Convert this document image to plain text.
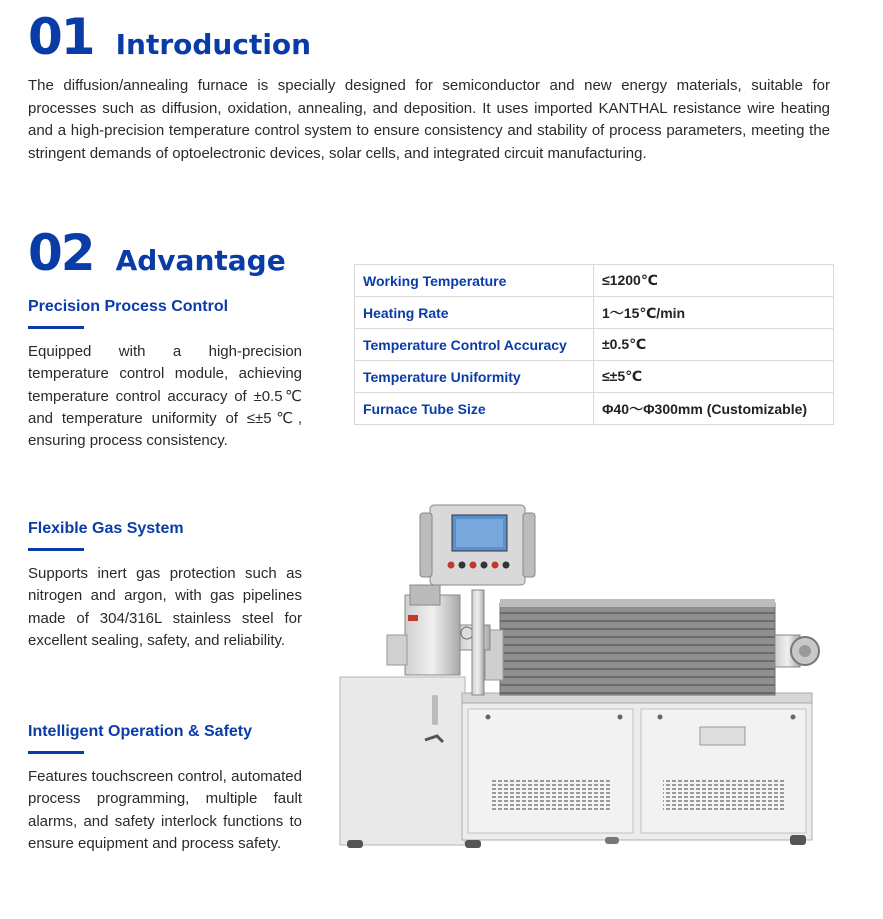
01 Introduction
The diffusion/annealing furnace is specially designed for semiconductor and new energy materials, suitable for processes such as diffusion, oxidation, annealing, and deposition. It uses imported KANTHAL resistance wire heating and a high-precision temperature control system to ensure consistency and stability of process parameters, meeting the stringent demands of optoelectronic devices, solar cells, and integrated circuit manufacturing.
02 Advantage
Precision Process Control

Equipped with a high-precision temperature control module, achieving temperature control accuracy of ±0.5℃ and temperature uniformity of ≤±5℃, ensuring process consistency.

Flexible Gas System

Supports inert gas protection such as nitrogen and argon, with gas pipelines made of 304/316L stainless steel for excellent sealing, safety, and reliability.

Intelligent Operation & Safety

Features touchscreen control, automated process programming, multiple fault alarms, and safety interlock functions to ensure equipment and process safety.

Working Temperature	≤1200℃
Heating Rate	1～15℃/min
Temperature Control Accuracy	±0.5℃
Temperature Uniformity	≤±5℃
Furnace Tube Size	Φ40～Φ300mm (Customizable)
